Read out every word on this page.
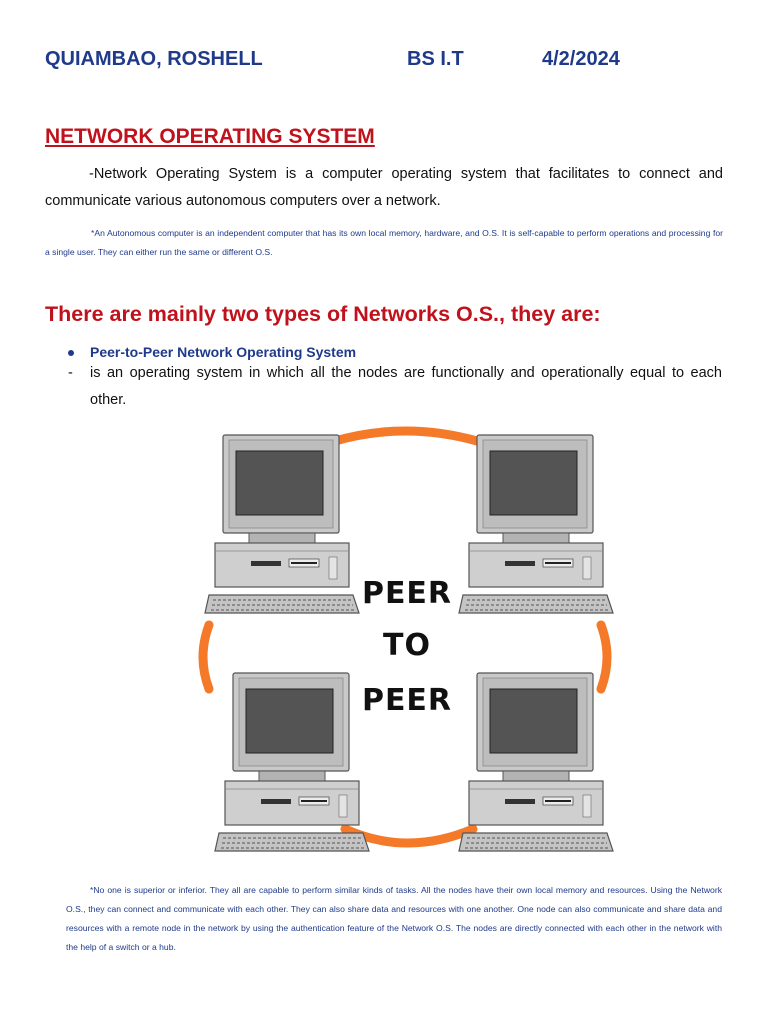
QUIAMBAO, ROSHELL	BS I.T	4/2/2024
NETWORK OPERATING SYSTEM

-Network Operating System is a computer operating system that facilitates to connect and communicate various autonomous computers over a network.

*An Autonomous computer is an independent computer that has its own local memory, hardware, and O.S. It is self-capable to perform operations and processing for a single user. They can either run the same or different O.S.

There are mainly two types of Networks O.S., they are:
Peer-to-Peer Network Operating System
- is an operating system in which all the nodes are functionally and operationally equal to each other.
PEER
TO
PEER

*No one is superior or inferior. They all are capable to perform similar kinds of tasks. All the nodes have their own local memory and resources. Using the Network O.S., they can connect and communicate with each other. They can also share data and resources with one another. One node can also communicate and share data and resources with a remote node in the network by using the authentication feature of the Network O.S. The nodes are directly connected with each other in the network with the help of a switch or a hub.
